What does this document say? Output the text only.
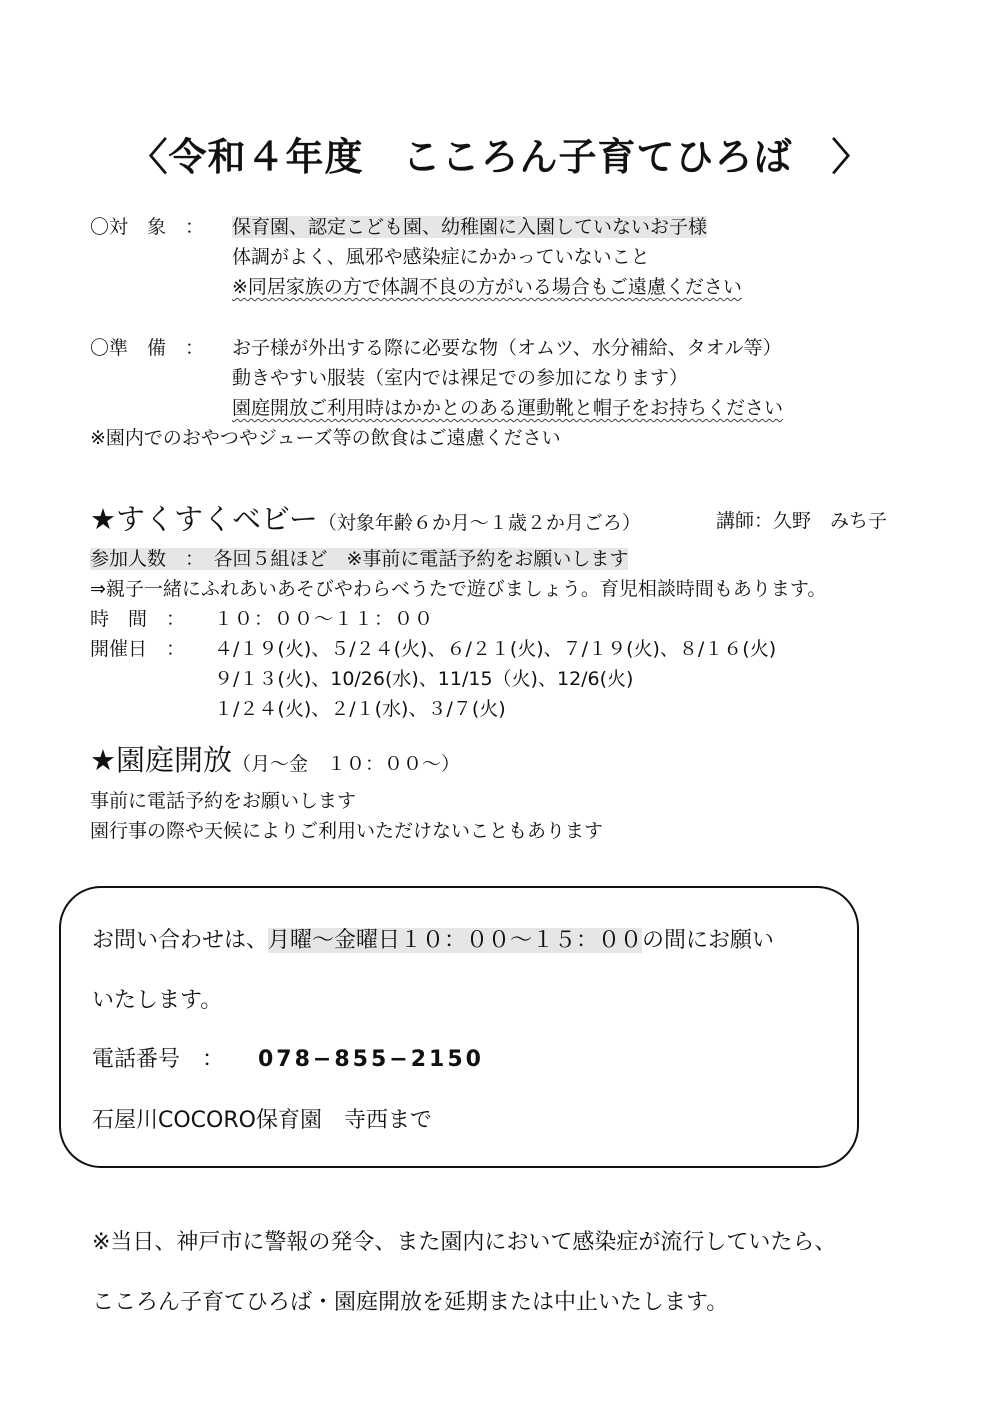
〈令和４年度　こころん子育てひろば　〉
〇対　象　： 保育園、認定こども園、幼稚園に入園していないお子様
体調がよく、風邪や感染症にかかっていないこと
※同居家族の方で体調不良の方がいる場合もご遠慮ください
〇準　備　： お子様が外出する際に必要な物（オムツ、水分補給、タオル等）
動きやすい服装（室内では裸足での参加になります）
園庭開放ご利用時はかかとのある運動靴と帽子をお持ちください
※園内でのおやつやジューズ等の飲食はご遠慮ください
★すくすくベビー（対象年齢６か月～１歳２か月ごろ）	講師：久野　みち子
参加人数　：　各回５組ほど　※事前に電話予約をお願いします
⇒親子一緒にふれあいあそびやわらべうたで遊びましょう。育児相談時間もあります。
時　間　： １０：００～１１：００
開催日　： ４/１９(火)、５/２４(火)、６/２１(火)、７/１９(火)、８/１６(火)
９/１３(火)、10/26(水)、11/15（火)、12/6(火)
１/２４(火)、２/１(水)、３/７(火)
★園庭開放（月～金　１０：００～）
事前に電話予約をお願いします
園行事の際や天候によりご利用いただけないこともあります
お問い合わせは、月曜～金曜日１０：００～１５：００の間にお願い
いたします。
電話番号　： 078−855−2150
石屋川COCORO保育園　寺西まで
※当日、神戸市に警報の発令、また園内において感染症が流行していたら、
こころん子育てひろば・園庭開放を延期または中止いたします。
